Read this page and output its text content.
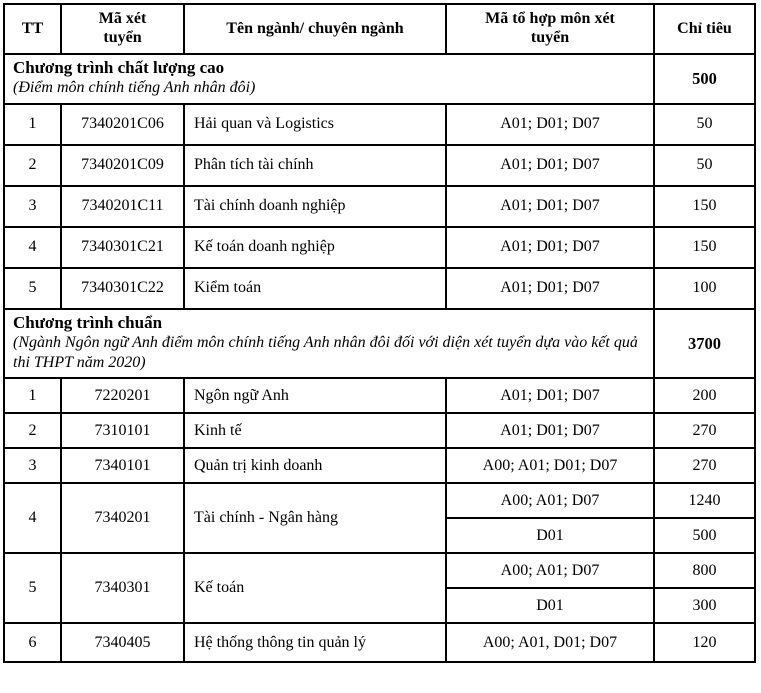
TT	Mã xét tuyển	Tên ngành/ chuyên ngành	Mã tổ hợp môn xét tuyển	Chỉ tiêu

Chương trình chất lượng cao
(Điểm môn chính tiếng Anh nhân đôi)				500
1	7340201C06	Hải quan và Logistics	A01; D01; D07	50
2	7340201C09	Phân tích tài chính	A01; D01; D07	50
3	7340201C11	Tài chính doanh nghiệp	A01; D01; D07	150
4	7340301C21	Kế toán doanh nghiệp	A01; D01; D07	150
5	7340301C22	Kiểm toán	A01; D01; D07	100

Chương trình chuẩn
(Ngành Ngôn ngữ Anh điểm môn chính tiếng Anh nhân đôi đối với diện xét tuyển dựa vào kết quả thi THPT năm 2020)				3700
1	7220201	Ngôn ngữ Anh	A01; D01; D07	200
2	7310101	Kinh tế	A01; D01; D07	270
3	7340101	Quản trị kinh doanh	A00; A01; D01; D07	270
4	7340201	Tài chính - Ngân hàng	A00; A01; D07	1240
			D01	500
5	7340301	Kế toán	A00; A01; D07	800
			D01	300
6	7340405	Hệ thống thông tin quản lý	A00; A01, D01; D07	120
